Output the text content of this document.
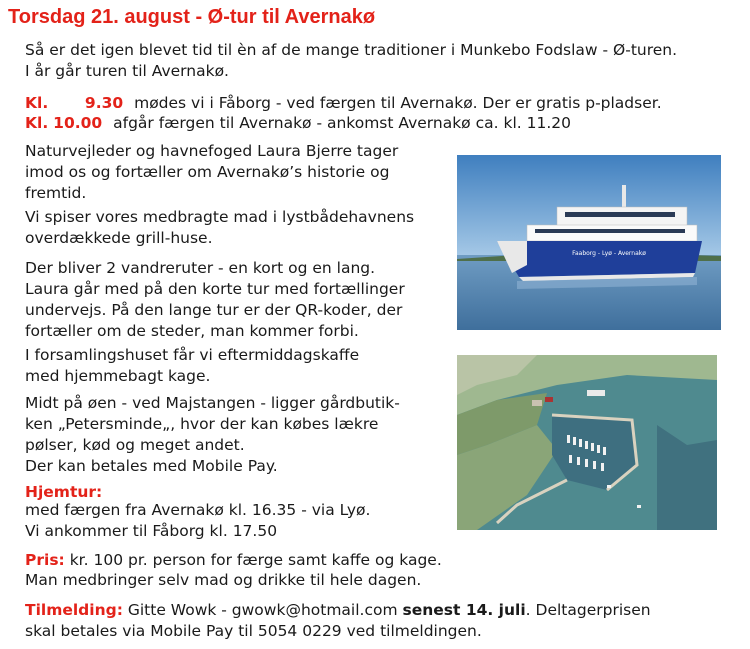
Torsdag 21. august - Ø-tur til Avernakø
Så er det igen blevet tid til èn af de mange traditioner i Munkebo Fodslaw - Ø-turen.
I år går turen til Avernakø.
Kl. 9.30 mødes vi i Fåborg - ved færgen til Avernakø. Der er gratis p-pladser.
Kl. 10.00 afgår færgen til Avernakø - ankomst Avernakø ca. kl. 11.20
Naturvejleder og havnefoged Laura Bjerre tager
imod os og fortæller om Avernakø’s historie og
fremtid.
Vi spiser vores medbragte mad i lystbådehavnens
overdækkede grill-huse.
Der bliver 2 vandreruter - en kort og en lang.
Laura går med på den korte tur med fortællinger
undervejs. På den lange tur er der QR-koder, der
fortæller om de steder, man kommer forbi.
I forsamlingshuset får vi eftermiddagskaffe
med hjemmebagt kage.
Midt på øen - ved Majstangen - ligger gårdbutik-
ken „Petersminde„, hvor der kan købes lækre
pølser, kød og meget andet.
Der kan betales med Mobile Pay.
Hjemtur:
med færgen fra Avernakø kl. 16.35 - via Lyø.
Vi ankommer til Fåborg kl. 17.50
Pris: kr. 100 pr. person for færge samt kaffe og kage.
Man medbringer selv mad og drikke til hele dagen.
Tilmelding: Gitte Wowk - gwowk@hotmail.com senest 14. juli. Deltagerprisen
skal betales via Mobile Pay til 5054 0229 ved tilmeldingen.
Faaborg - Lyø - Avernakø
